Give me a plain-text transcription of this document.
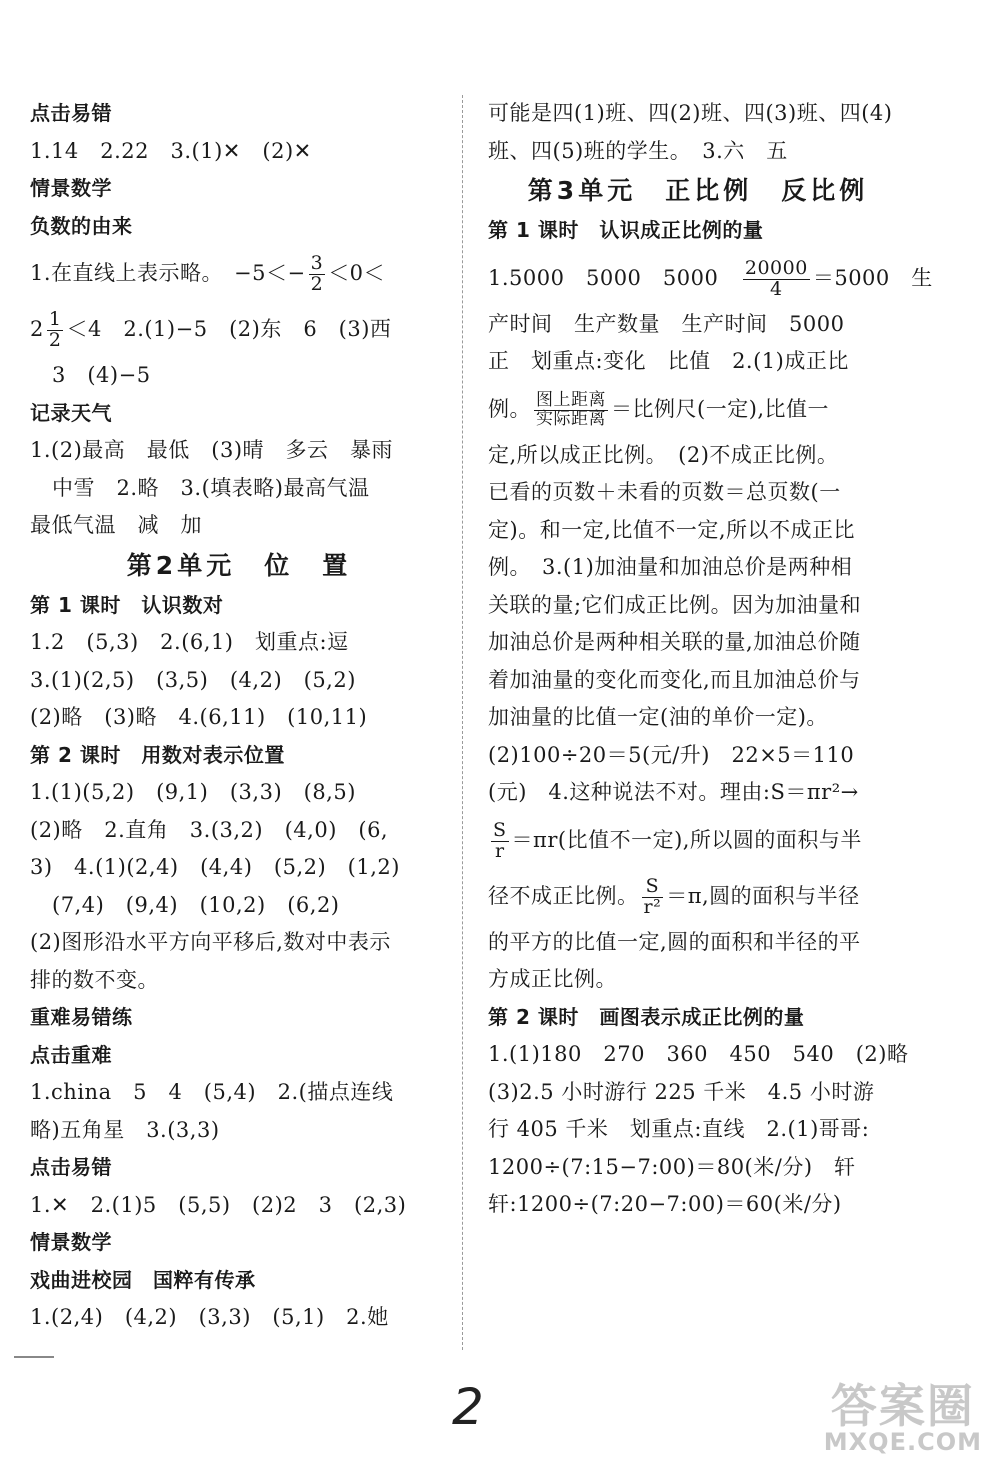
点击易错
1.14　2.22　3.(1)✕　(2)✕
情景数学
负数的由来
1.在直线上表示略。　$-5<- \frac{3}{2} <0<$
$2 \frac{1}{2} <4$　2.(1)−5　(2)东　6　(3)西
3　(4)−5
记录天气
1.(2)最高　最低　(3)晴　多云　暴雨
中雪　2.略　3.(填表略)最高气温
最低气温　减　加
第2单元　位　置
第 1 课时　认识数对
1.2　(5,3)　2.(6,1)　划重点:逗
3.(1)(2,5)　(3,5)　(4,2)　(5,2)
(2)略　(3)略　4.(6,11)　(10,11)
第 2 课时　用数对表示位置
1.(1)(5,2)　(9,1)　(3,3)　(8,5)
(2)略　2.直角　3.(3,2)　(4,0)　(6,
3)　4.(1)(2,4)　(4,4)　(5,2)　(1,2)
(7,4)　(9,4)　(10,2)　(6,2)
(2)图形沿水平方向平移后,数对中表示
排的数不变。
重难易错练
点击重难
1.china　5　4　(5,4)　2.(描点连线
略)五角星　3.(3,3)
点击易错
1.✕　2.(1)5　(5,5)　(2)2　3　(2,3)
情景数学
戏曲进校园　国粹有传承
1.(2,4)　(4,2)　(3,3)　(5,1)　2.她
可能是四(1)班、四(2)班、四(3)班、四(4)
班、四(5)班的学生。　3.六　五
第3单元　正比例　反比例
第 1 课时　认识成正比例的量
1.5000　5000　5000　 $\frac{20000}{4} =5000$　生
产时间　生产数量　生产时间　5000
正　划重点:变化　比值　2.(1)成正比
例。 $\frac{\text{图上距离}}{\text{实际距离}}$ ＝比例尺(一定),比值一
定,所以成正比例。　(2)不成正比例。
已看的页数＋未看的页数＝总页数(一
定)。和一定,比值不一定,所以不成正比
例。　3.(1)加油量和加油总价是两种相
关联的量;它们成正比例。因为加油量和
加油总价是两种相关联的量,加油总价随
着加油量的变化而变化,而且加油总价与
加油量的比值一定(油的单价一定)。
(2)100÷20＝5(元/升)　22×5＝110
(元)　4.这种说法不对。理由:S＝πr²→
$\frac{S}{r} =\pi r$(比值不一定),所以圆的面积与半
径不成正比例。 $\frac{S}{\text{r²}} =\pi$,圆的面积与半径
的平方的比值一定,圆的面积和半径的平
方成正比例。
第 2 课时　画图表示成正比例的量
1.(1)180　270　360　450　540　(2)略
(3)2.5 小时游行 225 千米　4.5 小时游
行 405 千米　划重点:直线　2.(1)哥哥:
1200÷(7:15−7:00)＝80(米/分)　轩
轩:1200÷(7:20−7:00)＝60(米/分)
2	答案圈
MXQE.COM
